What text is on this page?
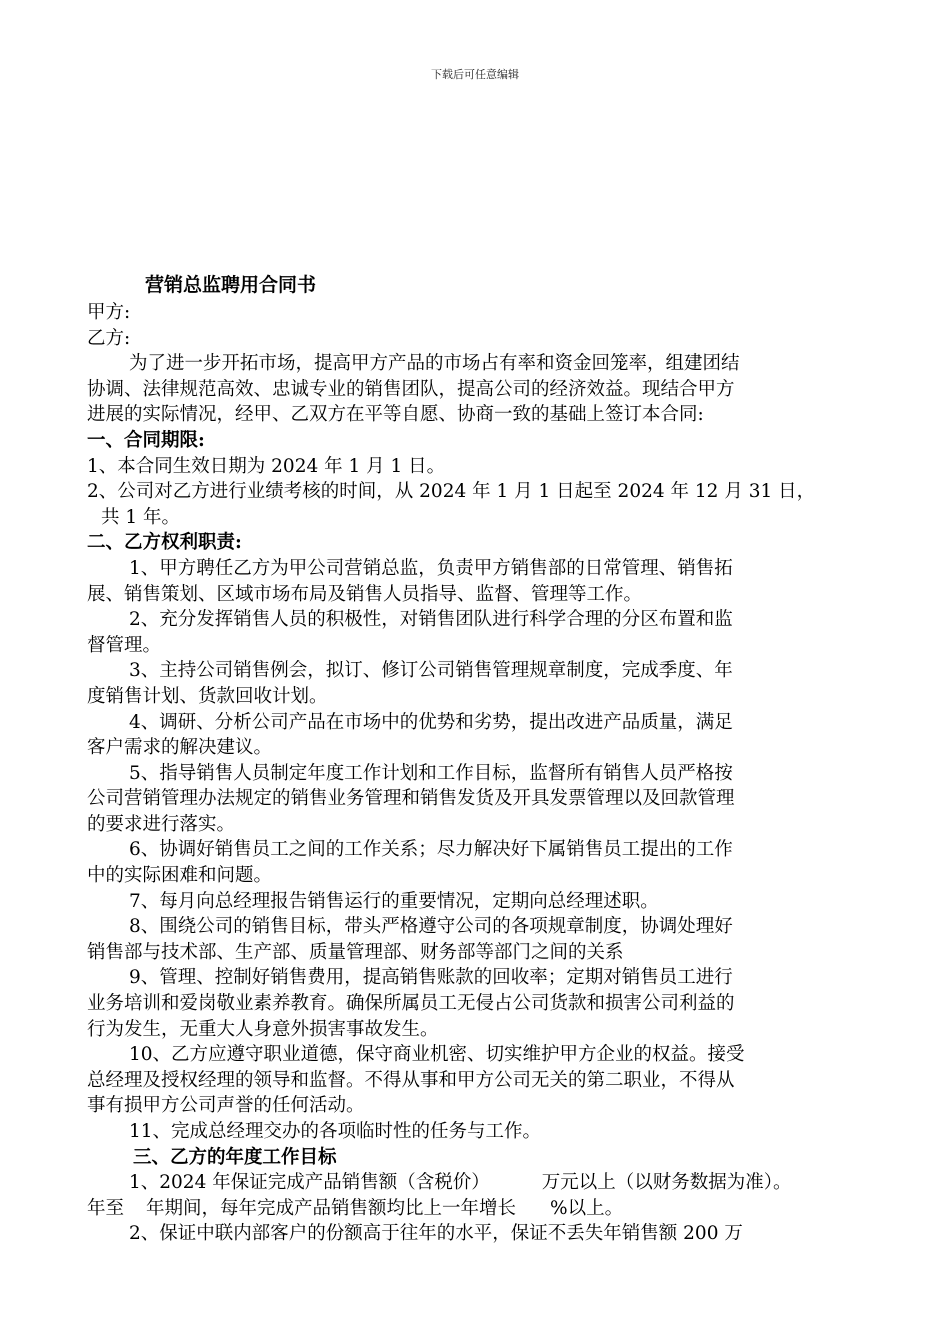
下载后可任意编辑
营销总监聘用合同书
甲方:
乙方:
为了进一步开拓市场，提高甲方产品的市场占有率和资金回笼率，组建团结
协调、法律规范高效、忠诚专业的销售团队，提高公司的经济效益。现结合甲方
进展的实际情况，经甲、乙双方在平等自愿、协商一致的基础上签订本合同:
一、合同期限:
1、本合同生效日期为 2024 年 1 月 1 日。
2、公司对乙方进行业绩考核的时间，从 2024 年 1 月 1 日起至 2024 年 12 月 31 日，
共 1 年。
二、乙方权利职责:
1、甲方聘任乙方为甲公司营销总监，负责甲方销售部的日常管理、销售拓
展、销售策划、区域市场布局及销售人员指导、监督、管理等工作。
2、充分发挥销售人员的积极性，对销售团队进行科学合理的分区布置和监
督管理。
3、主持公司销售例会，拟订、修订公司销售管理规章制度，完成季度、年
度销售计划、货款回收计划。
4、调研、分析公司产品在市场中的优势和劣势，提出改进产品质量，满足
客户需求的解决建议。
5、指导销售人员制定年度工作计划和工作目标，监督所有销售人员严格按
公司营销管理办法规定的销售业务管理和销售发货及开具发票管理以及回款管理
的要求进行落实。
6、协调好销售员工之间的工作关系；尽力解决好下属销售员工提出的工作
中的实际困难和问题。
7、每月向总经理报告销售运行的重要情况，定期向总经理述职。
8、围绕公司的销售目标，带头严格遵守公司的各项规章制度，协调处理好
销售部与技术部、生产部、质量管理部、财务部等部门之间的关系
9、管理、控制好销售费用，提高销售账款的回收率；定期对销售员工进行
业务培训和爱岗敬业素养教育。确保所属员工无侵占公司货款和损害公司利益的
行为发生，无重大人身意外损害事故发生。
10、乙方应遵守职业道德，保守商业机密、切实维护甲方企业的权益。接受
总经理及授权经理的领导和监督。不得从事和甲方公司无关的第二职业，不得从
事有损甲方公司声誉的任何活动。
11、完成总经理交办的各项临时性的任务与工作。
三、乙方的年度工作目标
1、2024 年保证完成产品销售额（含税价）	万元以上（以财务数据为准）。
年至 年期间，每年完成产品销售额均比上一年增长 %以上。
2、保证中联内部客户的份额高于往年的水平，保证不丢失年销售额 200 万
